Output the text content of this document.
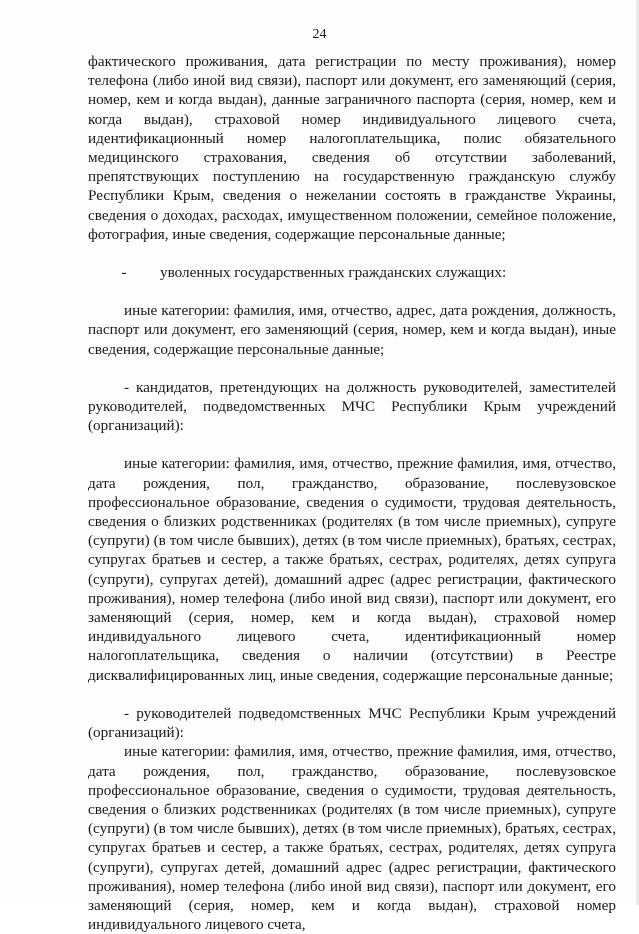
24

фактического проживания, дата регистрации по месту проживания), номер телефона (либо иной вид связи), паспорт или документ, его заменяющий (серия, номер, кем и когда выдан), данные заграничного паспорта (серия, номер, кем и когда выдан), страховой номер индивидуального лицевого счета, идентификационный номер налогоплательщика, полис обязательного медицинского страхования, сведения об отсутствии заболеваний, препятствующих поступлению на государственную гражданскую службу Республики Крым, сведения о нежелании состоять в гражданстве Украины, сведения о доходах, расходах, имущественном положении, семейное положение, фотография, иные сведения, содержащие персональные данные;

-	уволенных государственных гражданских служащих:

иные категории: фамилия, имя, отчество, адрес, дата рождения, должность, паспорт или документ, его заменяющий (серия, номер, кем и когда выдан), иные сведения, содержащие персональные данные;

- кандидатов, претендующих на должность руководителей, заместителей руководителей, подведомственных МЧС Республики Крым учреждений (организаций):

иные категории: фамилия, имя, отчество, прежние фамилия, имя, отчество, дата рождения, пол, гражданство, образование, послевузовское профессиональное образование, сведения о судимости, трудовая деятельность, сведения о близких родственниках (родителях (в том числе приемных), супруге (супруги) (в том числе бывших), детях (в том числе приемных), братьях, сестрах, супругах братьев и сестер, а также братьях, сестрах, родителях, детях супруга (супруги), супругах детей), домашний адрес (адрес регистрации, фактического проживания), номер телефона (либо иной вид связи), паспорт или документ, его заменяющий (серия, номер, кем и когда выдан), страховой номер индивидуального лицевого счета, идентификационный номер налогоплательщика, сведения о наличии (отсутствии) в Реестре дисквалифицированных лиц, иные сведения, содержащие персональные данные;

- руководителей подведомственных МЧС Республики Крым учреждений (организаций):

иные категории: фамилия, имя, отчество, прежние фамилия, имя, отчество, дата рождения, пол, гражданство, образование, послевузовское профессиональное образование, сведения о судимости, трудовая деятельность, сведения о близких родственниках (родителях (в том числе приемных), супруге (супруги) (в том числе бывших), детях (в том числе приемных), братьях, сестрах, супругах братьев и сестер, а также братьях, сестрах, родителях, детях супруга (супруги), супругах детей, домашний адрес (адрес регистрации, фактического проживания), номер телефона (либо иной вид связи), паспорт или документ, его заменяющий (серия, номер, кем и когда выдан), страховой номер индивидуального лицевого счета,
